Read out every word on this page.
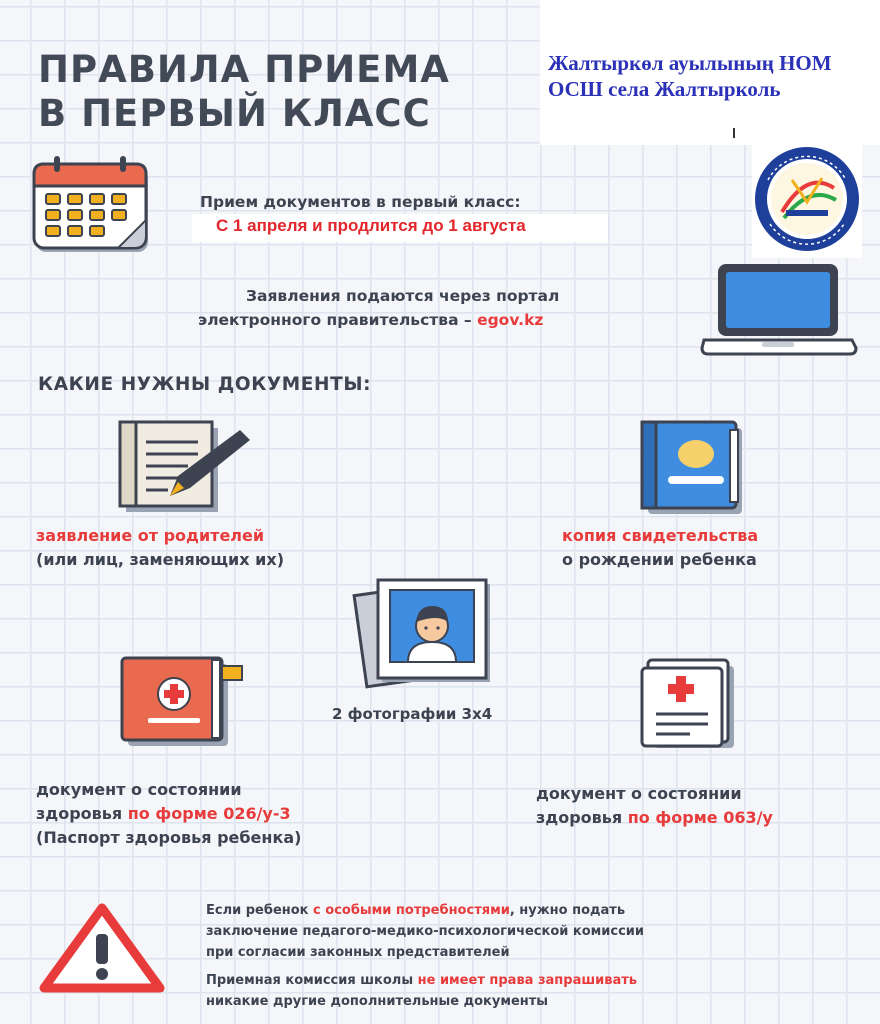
ПРАВИЛА ПРИЕМА
В ПЕРВЫЙ КЛАСС
Жалтыркөл ауылының НОМ
ОСШ села Жалтырколь
Прием документов в первый класс:
С 1 апреля и продлится до 1 августа
Заявления подаются через портал
электронного правительства – egov.kz
КАКИЕ НУЖНЫ ДОКУМЕНТЫ:
заявление от родителей
(или лиц, заменяющих их)
копия свидетельства
о рождении ребенка
2 фотографии 3х4
документ о состоянии
здоровья по форме 026/у-3
(Паспорт здоровья ребенка)
документ о состоянии
здоровья по форме 063/у
Если ребенок с особыми потребностями, нужно подать
заключение педагого-медико-психологической комиссии
при согласии законных представителей
Приемная комиссия школы не имеет права запрашивать
никакие другие дополнительные документы
